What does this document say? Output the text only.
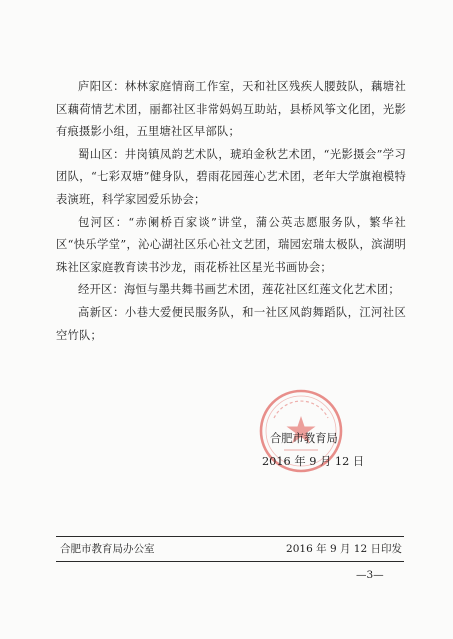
庐阳区：林林家庭情商工作室，天和社区残疾人腰鼓队，藕塘社区藕荷情艺术团，丽都社区非常妈妈互助站，县桥风筝文化团，光影有痕摄影小组，五里塘社区早部队；

蜀山区：井岗镇凤韵艺术队，琥珀金秋艺术团，“光影摄会”学习团队，“七彩双塘”健身队，碧雨花园莲心艺术团，老年大学旗袍模特表演班，科学家园爱乐协会；

包河区：“赤阑桥百家谈”讲堂，蒲公英志愿服务队，繁华社区“快乐学堂”，沁心湖社区乐心社文艺团，瑞园宏瑞太极队，滨湖明珠社区家庭教育读书沙龙，雨花桥社区星光书画协会；

经开区：海恒与墨共舞书画艺术团，莲花社区红莲文化艺术团；

高新区：小巷大爱便民服务队，和一社区风韵舞蹈队，江河社区空竹队；

合肥市教育局
2016 年 9 月 12 日
合肥市教育局办公室	2016 年 9 月 12 日印发
—3—
